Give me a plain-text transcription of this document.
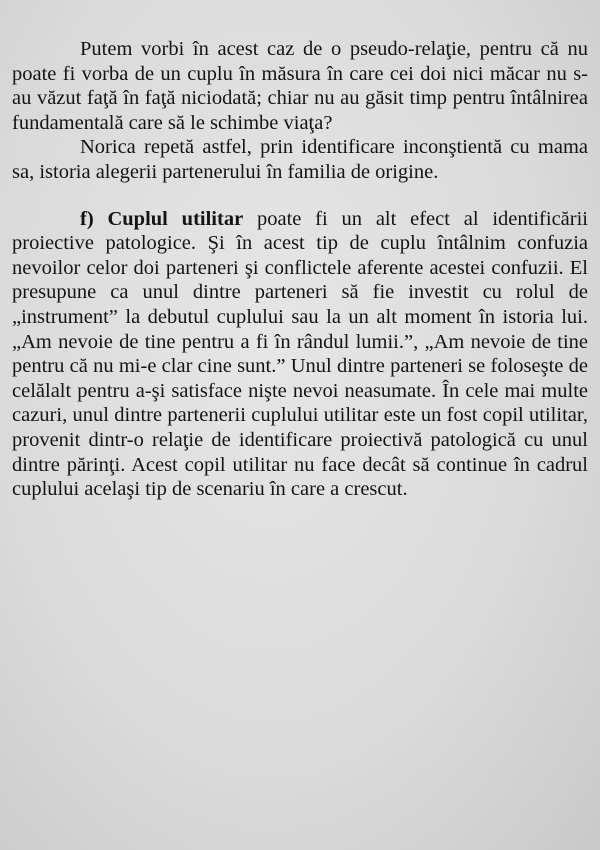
Putem vorbi în acest caz de o pseudo-relaţie, pentru că nu poate fi vorba de un cuplu în măsura în care cei doi nici măcar nu s-au văzut faţă în faţă niciodată; chiar nu au găsit timp pentru întâlnirea fundamentală care să le schimbe viaţa?

Norica repetă astfel, prin identificare inconştientă cu mama sa, istoria alegerii partenerului în familia de origine.

f) Cuplul utilitar poate fi un alt efect al identificării proiective patologice. Şi în acest tip de cuplu întâlnim confuzia nevoilor celor doi parteneri şi conflictele aferente acestei confuzii. El presupune ca unul dintre parteneri să fie investit cu rolul de „instrument” la debutul cuplului sau la un alt moment în istoria lui. „Am nevoie de tine pentru a fi în rândul lumii.”, „Am nevoie de tine pentru că nu mi-e clar cine sunt.” Unul dintre parteneri se foloseşte de celălalt pentru a-şi satisface nişte nevoi neasumate. În cele mai multe cazuri, unul dintre partenerii cuplului utilitar este un fost copil utilitar, provenit dintr-o relaţie de identificare proiectivă patologică cu unul dintre părinţi. Acest copil utilitar nu face decât să continue în cadrul cuplului acelaşi tip de scenariu în care a crescut.
